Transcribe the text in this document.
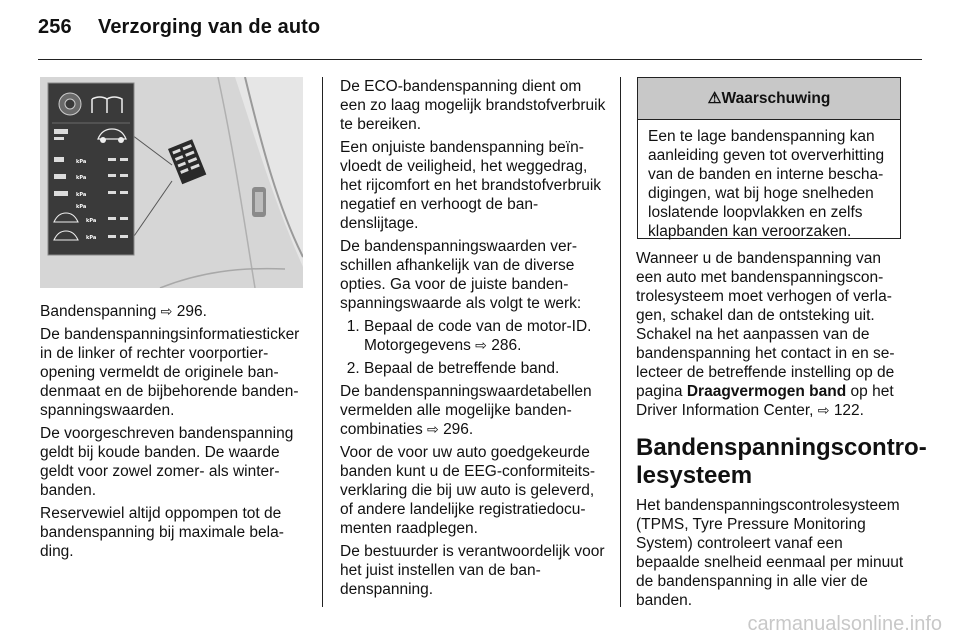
256 Verzorging van de auto
kPa
kPa
kPa
kPa
kPa
kPa

Bandenspanning ⇨ 296.

De bandenspanningsinformatiesticker in de linker of rechter voorportieropening vermeldt de originele bandenmaat en de bijbehorende bandenspanningswaarden.

De voorgeschreven bandenspanning geldt bij koude banden. De waarde geldt voor zowel zomer- als winterbanden.

Reservewiel altijd oppompen tot de bandenspanning bij maximale belading.

De ECO-bandenspanning dient om een zo laag mogelijk brandstofverbruik te bereiken.

Een onjuiste bandenspanning beïnvloedt de veiligheid, het weggedrag, het rijcomfort en het brandstofverbruik negatief en verhoogt de bandenslijtage.

De bandenspanningswaarden verschillen afhankelijk van de diverse opties. Ga voor de juiste bandenspanningswaarde als volgt te werk:

1. Bepaal de code van de motor-ID. Motorgegevens ⇨ 286.
2. Bepaal de betreffende band.

De bandenspanningswaardetabellen vermelden alle mogelijke bandencombinaties ⇨ 296.

Voor de voor uw auto goedgekeurde banden kunt u de EEG-conformiteitsverklaring die bij uw auto is geleverd, of andere landelijke registratiedocumenten raadplegen.

De bestuurder is verantwoordelijk voor het juist instellen van de bandenspanning.

⚠Waarschuwing
Een te lage bandenspanning kan aanleiding geven tot oververhitting van de banden en interne beschadigingen, wat bij hoge snelheden loslatende loopvlakken en zelfs klapbanden kan veroorzaken.

Wanneer u de bandenspanning van een auto met bandenspanningscontrolesysteem moet verhogen of verlagen, schakel dan de ontsteking uit. Schakel na het aanpassen van de bandenspanning het contact in en selecteer de betreffende instelling op de pagina Draagvermogen band op het Driver Information Center, ⇨ 122.

Bandenspanningscontrolesysteem

Het bandenspanningscontrolesysteem (TPMS, Tyre Pressure Monitoring System) controleert vanaf een bepaalde snelheid eenmaal per minuut de bandenspanning in alle vier de banden.

carmanualsonline.info
